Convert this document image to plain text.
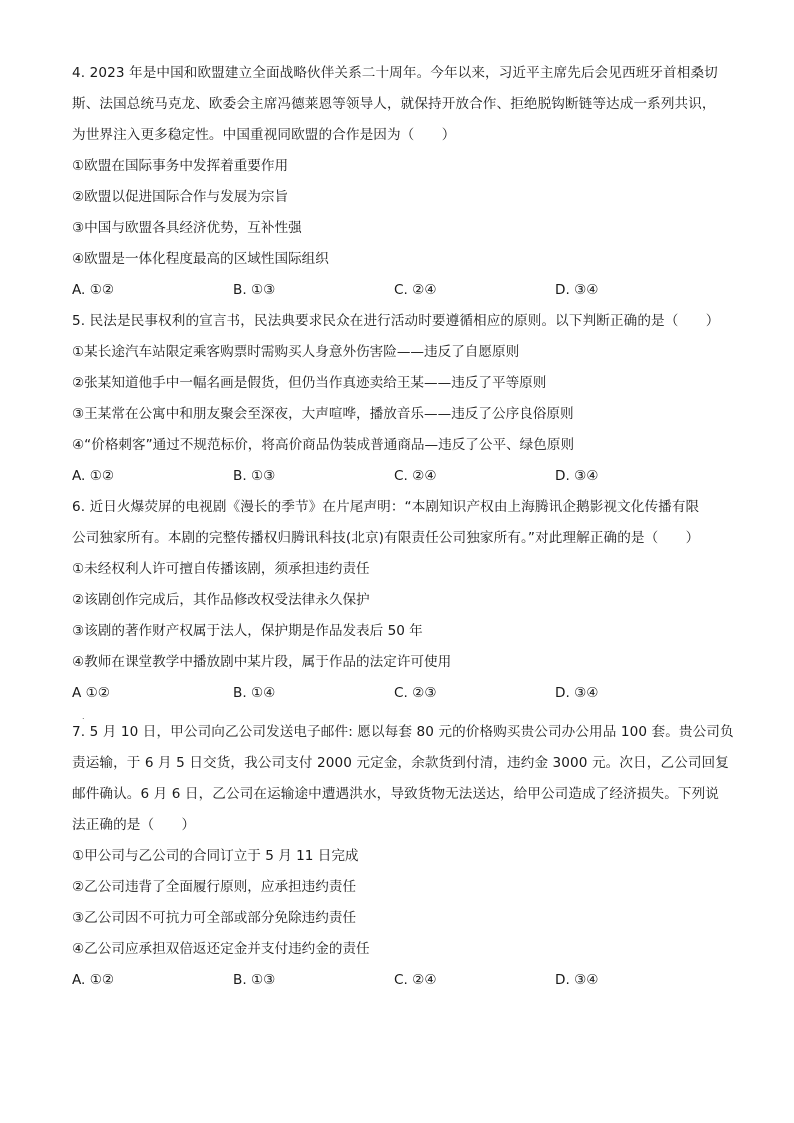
4. 2023 年是中国和欧盟建立全面战略伙伴关系二十周年。今年以来，习近平主席先后会见西班牙首相桑切
斯、法国总统马克龙、欧委会主席冯德莱恩等领导人，就保持开放合作、拒绝脱钩断链等达成一系列共识，
为世界注入更多稳定性。中国重视同欧盟的合作是因为（　　）
①欧盟在国际事务中发挥着重要作用
②欧盟以促进国际合作与发展为宗旨
③中国与欧盟各具经济优势，互补性强
④欧盟是一体化程度最高的区域性国际组织
A. ①②	B. ①③	C. ②④	D. ③④
5. 民法是民事权利的宣言书，民法典要求民众在进行活动时要遵循相应的原则。以下判断正确的是（　　）
①某长途汽车站限定乘客购票时需购买人身意外伤害险——违反了自愿原则
②张某知道他手中一幅名画是假货，但仍当作真迹卖给王某——违反了平等原则
③王某常在公寓中和朋友聚会至深夜，大声喧哗，播放音乐——违反了公序良俗原则
④“价格刺客”通过不规范标价，将高价商品伪装成普通商品—违反了公平、绿色原则
A. ①②	B. ①③	C. ②④	D. ③④
6. 近日火爆荧屏的电视剧《漫长的季节》在片尾声明：“本剧知识产权由上海腾讯企鹅影视文化传播有限
公司独家所有。本剧的完整传播权归腾讯科技(北京)有限责任公司独家所有。”对此理解正确的是（　　）
①未经权利人许可擅自传播该剧，须承担违约责任
②该剧创作完成后，其作品修改权受法律永久保护
③该剧的著作财产权属于法人，保护期是作品发表后 50 年
④教师在课堂教学中播放剧中某片段，属于作品的法定许可使用
A ①②	B. ①④	C. ②③	D. ③④
7. 5 月 10 日，甲公司向乙公司发送电子邮件: 愿以每套 80 元的价格购买贵公司办公用品 100 套。贵公司负
责运输，于 6 月 5 日交货，我公司支付 2000 元定金，余款货到付清，违约金 3000 元。次日，乙公司回复
邮件确认。6 月 6 日，乙公司在运输途中遭遇洪水，导致货物无法送达，给甲公司造成了经济损失。下列说
法正确的是（　　）
①甲公司与乙公司的合同订立于 5 月 11 日完成
②乙公司违背了全面履行原则，应承担违约责任
③乙公司因不可抗力可全部或部分免除违约责任
④乙公司应承担双倍返还定金并支付违约金的责任
A. ①②	B. ①③	C. ②④	D. ③④
.
